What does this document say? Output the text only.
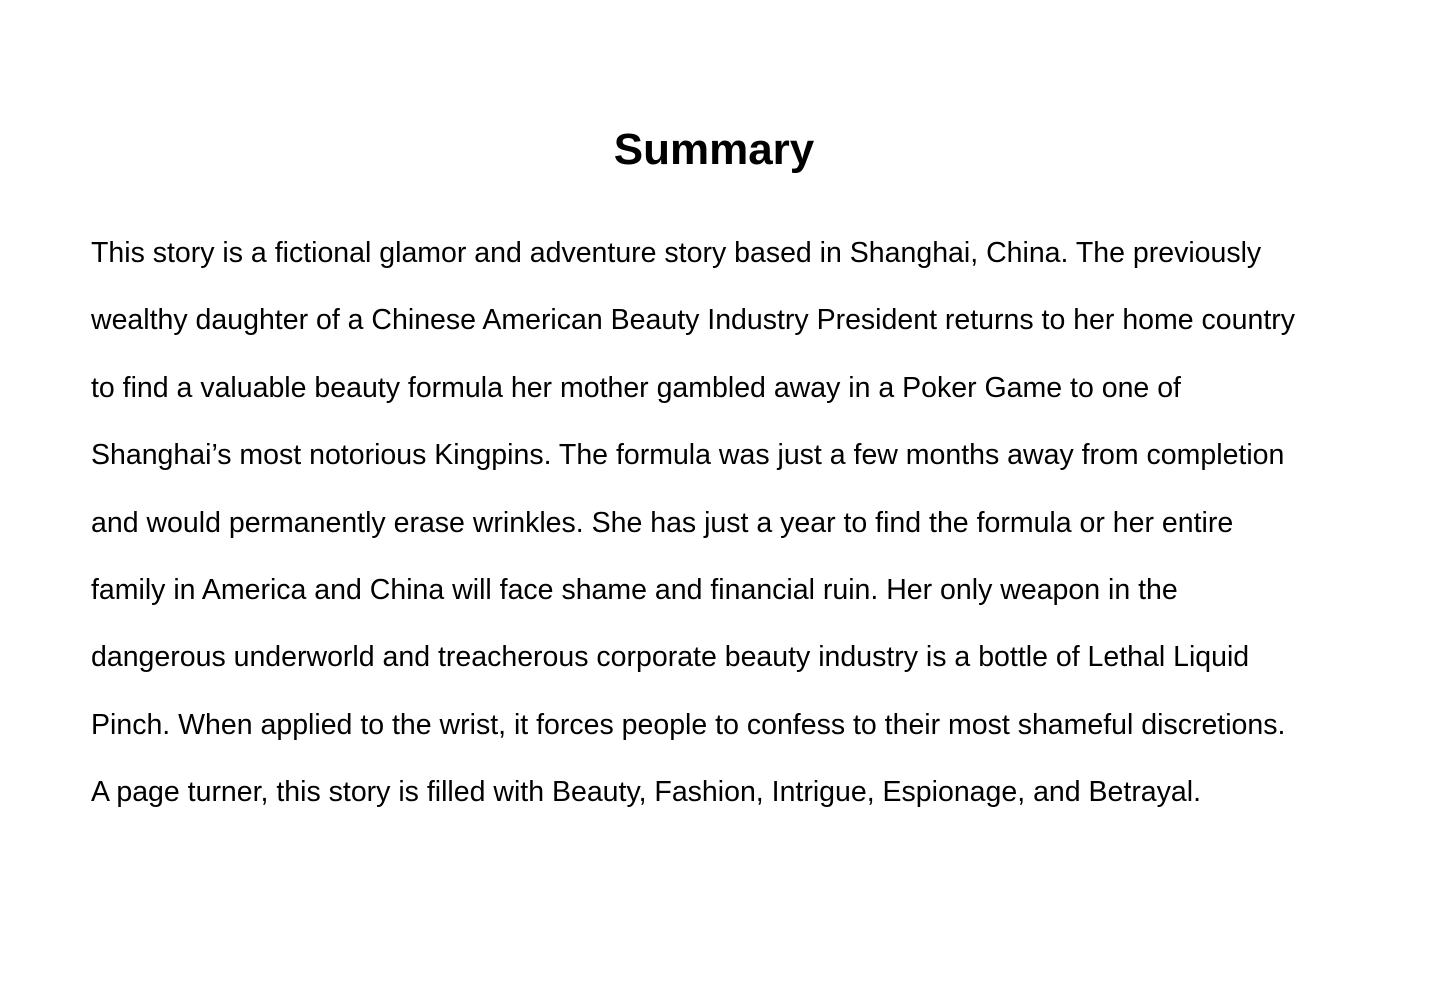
Summary
This story is a fictional glamor and adventure story based in Shanghai, China. The previously
wealthy daughter of a Chinese American Beauty Industry President returns to her home country
to find a valuable beauty formula her mother gambled away in a Poker Game to one of
Shanghai’s most notorious Kingpins. The formula was just a few months away from completion
and would permanently erase wrinkles. She has just a year to find the formula or her entire
family in America and China will face shame and financial ruin. Her only weapon in the
dangerous underworld and treacherous corporate beauty industry is a bottle of Lethal Liquid
Pinch. When applied to the wrist, it forces people to confess to their most shameful discretions.
A page turner, this story is filled with Beauty, Fashion, Intrigue, Espionage, and Betrayal.
